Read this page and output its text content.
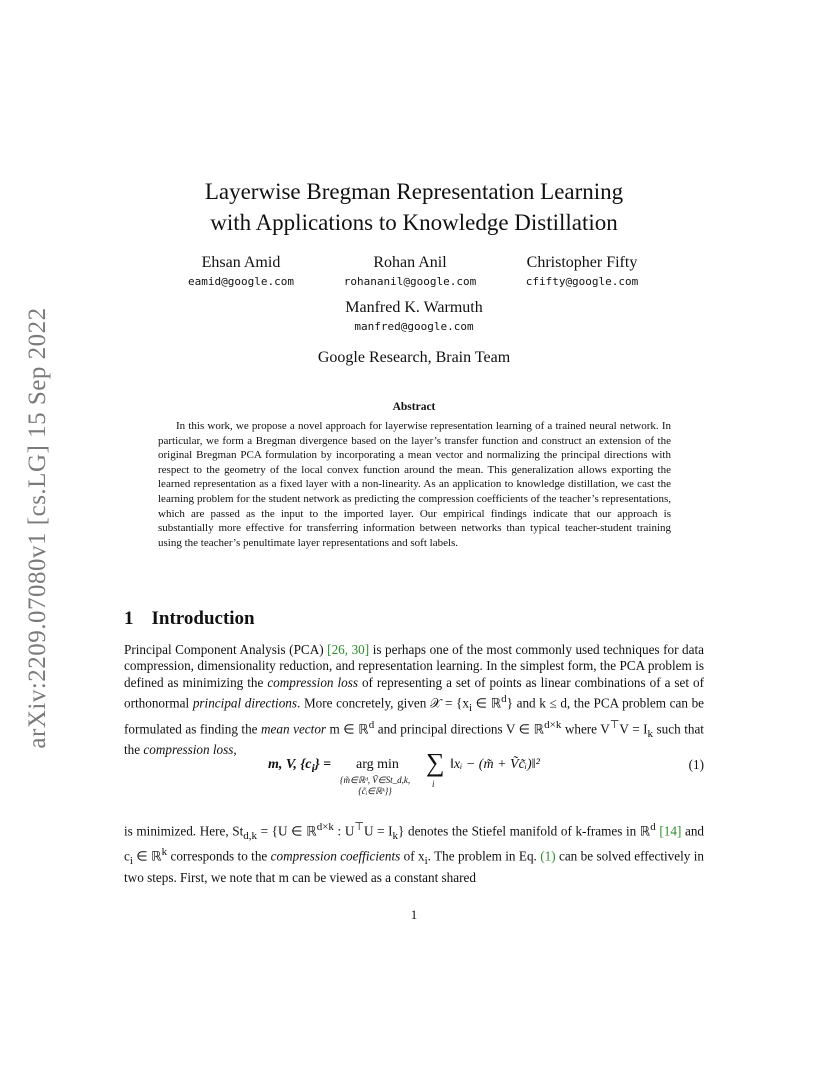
arXiv:2209.07080v1 [cs.LG] 15 Sep 2022
Layerwise Bregman Representation Learning
with Applications to Knowledge Distillation
Ehsan Amid
eamid@google.com
Rohan Anil
rohananil@google.com
Christopher Fifty
cfifty@google.com
Manfred K. Warmuth
manfred@google.com
Google Research, Brain Team
Abstract
In this work, we propose a novel approach for layerwise representation learning of a trained neural network. In particular, we form a Bregman divergence based on the layer’s transfer function and construct an extension of the original Bregman PCA formulation by incorporating a mean vector and normalizing the principal directions with respect to the geometry of the local convex function around the mean. This generalization allows exporting the learned representation as a fixed layer with a non-linearity. As an application to knowledge distillation, we cast the learning problem for the student network as predicting the compression coefficients of the teacher’s representations, which are passed as the input to the imported layer. Our empirical findings indicate that our approach is substantially more effective for transferring information between networks than typical teacher-student training using the teacher’s penultimate layer representations and soft labels.
1 Introduction
Principal Component Analysis (PCA) [26, 30] is perhaps one of the most commonly used techniques for data compression, dimensionality reduction, and representation learning. In the simplest form, the PCA problem is defined as minimizing the compression loss of representing a set of points as linear combinations of a set of orthonormal principal directions. More concretely, given 𝒳 = {$x_i$ ∈ ℝ$^d$} and k ≤ d, the PCA problem can be formulated as finding the mean vector m ∈ ℝ$^d$ and principal directions V ∈ ℝ$^{d\times k}$ where $V^⊤V = I_k$ such that the compression loss,
m, V, $\{c_i\}$ = arg min
{m̃∈ℝᵈ, Ṽ∈St_d,k, {c̃ᵢ∈ℝᵏ}}
∑
i
‖xᵢ − (m̃ + Ṽc̃ᵢ)‖²	(1)
is minimized. Here, $St_{d,k} = \{U$ ∈ ℝ$^{d\times k}$ : $U^⊤U = I_k$} denotes the Stiefel manifold of k-frames in ℝ$^d$ [14] and $c_i$ ∈ ℝ$^k$ corresponds to the compression coefficients of $x_i$. The problem in Eq. (1) can be solved effectively in two steps. First, we note that m can be viewed as a constant shared
1
